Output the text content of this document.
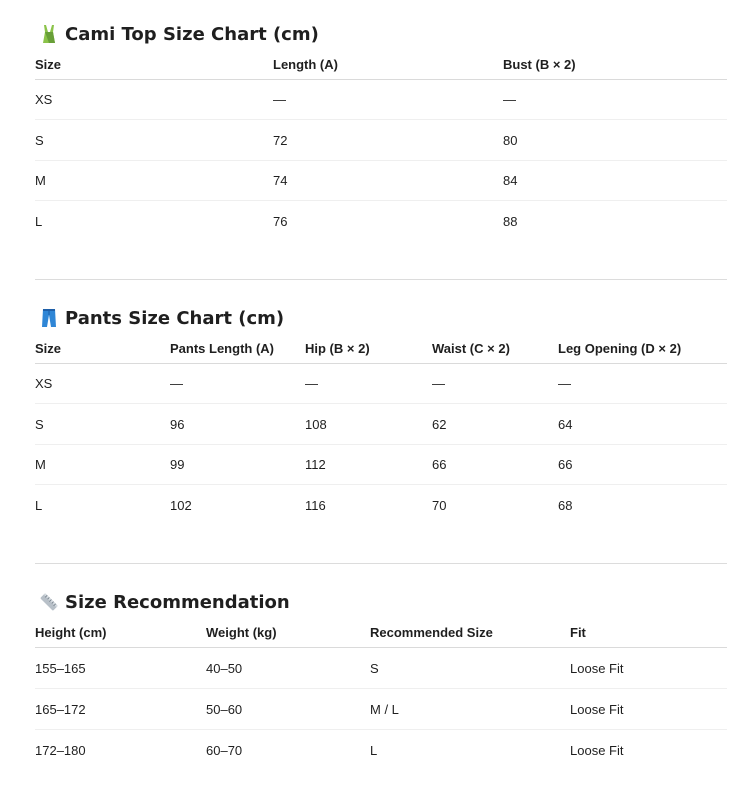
Cami Top Size Chart (cm)
Size	Length (A)	Bust (B × 2)
XS	—	—
S	72	80
M	74	84
L	76	88
Pants Size Chart (cm)
Size	Pants Length (A)	Hip (B × 2)	Waist (C × 2)	Leg Opening (D × 2)
XS	—	—	—	—
S	96	108	62	64
M	99	112	66	66
L	102	116	70	68
Size Recommendation
Height (cm)	Weight (kg)	Recommended Size	Fit
155–165	40–50	S	Loose Fit
165–172	50–60	M / L	Loose Fit
172–180	60–70	L	Loose Fit
